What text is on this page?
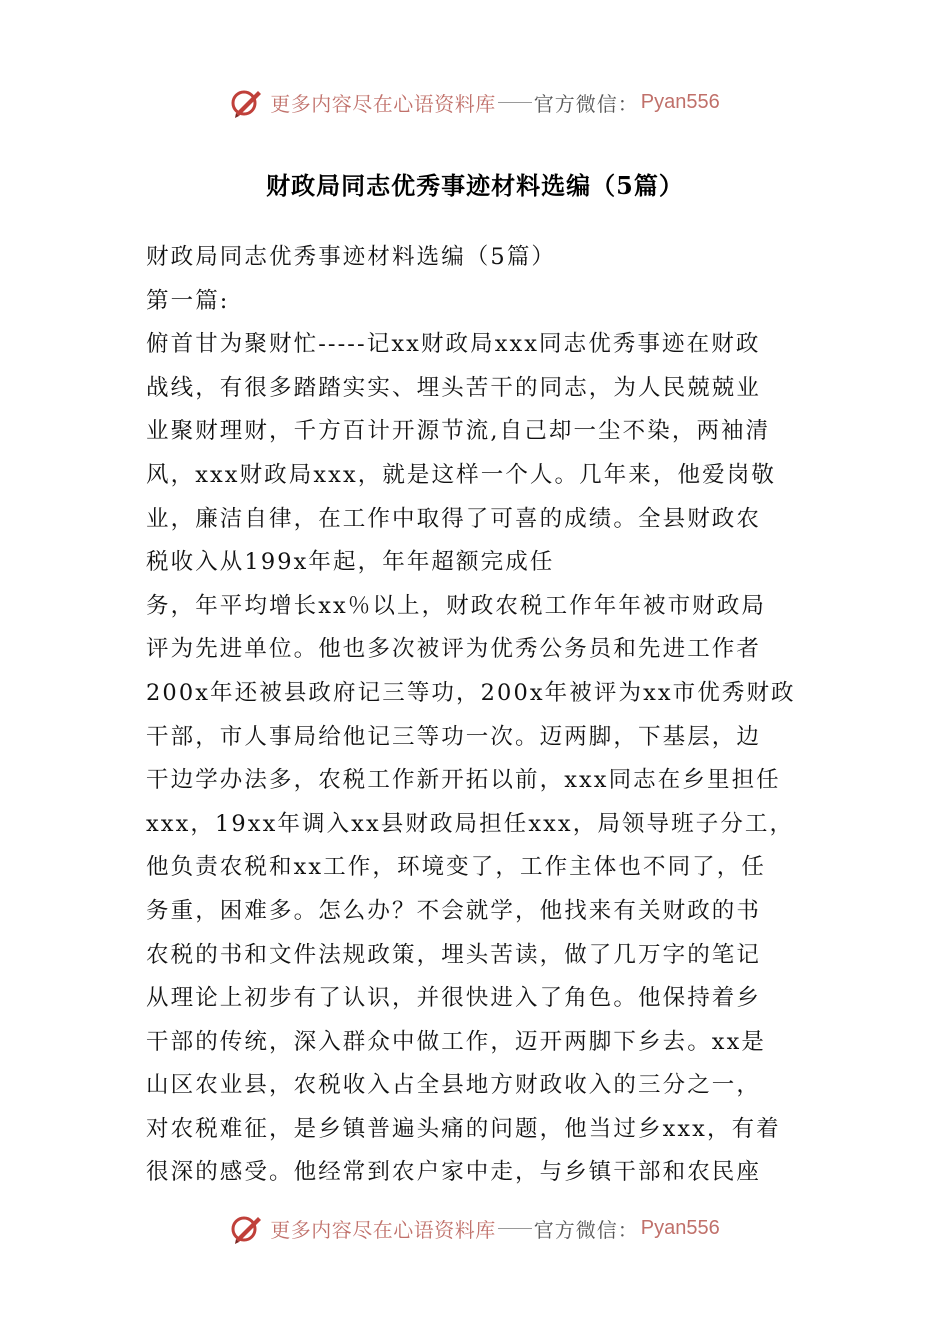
更多内容尽在心语资料库 官方微信： Pyan556
财政局同志优秀事迹材料选编（5篇）
财政局同志优秀事迹材料选编（5篇）
第一篇:
俯首甘为聚财忙-----记xx财政局xxx同志优秀事迹在财政
战线，有很多踏踏实实、埋头苦干的同志，为人民兢兢业
业聚财理财，千方百计开源节流,自己却一尘不染，两袖清
风，xxx财政局xxx，就是这样一个人。几年来，他爱岗敬
业，廉洁自律，在工作中取得了可喜的成绩。全县财政农
税收入从199x年起，年年超额完成任
务，年平均增长xx％以上，财政农税工作年年被市财政局
评为先进单位。他也多次被评为优秀公务员和先进工作者
200x年还被县政府记三等功，200x年被评为xx市优秀财政
干部，市人事局给他记三等功一次。迈两脚，下基层，边
干边学办法多，农税工作新开拓以前，xxx同志在乡里担任
xxx，19xx年调入xx县财政局担任xxx，局领导班子分工，
他负责农税和xx工作，环境变了，工作主体也不同了，任
务重，困难多。怎么办？不会就学，他找来有关财政的书
农税的书和文件法规政策，埋头苦读，做了几万字的笔记
从理论上初步有了认识，并很快进入了角色。他保持着乡
干部的传统，深入群众中做工作，迈开两脚下乡去。xx是
山区农业县，农税收入占全县地方财政收入的三分之一，
对农税难征，是乡镇普遍头痛的问题，他当过乡xxx，有着
很深的感受。他经常到农户家中走，与乡镇干部和农民座
更多内容尽在心语资料库 官方微信： Pyan556
